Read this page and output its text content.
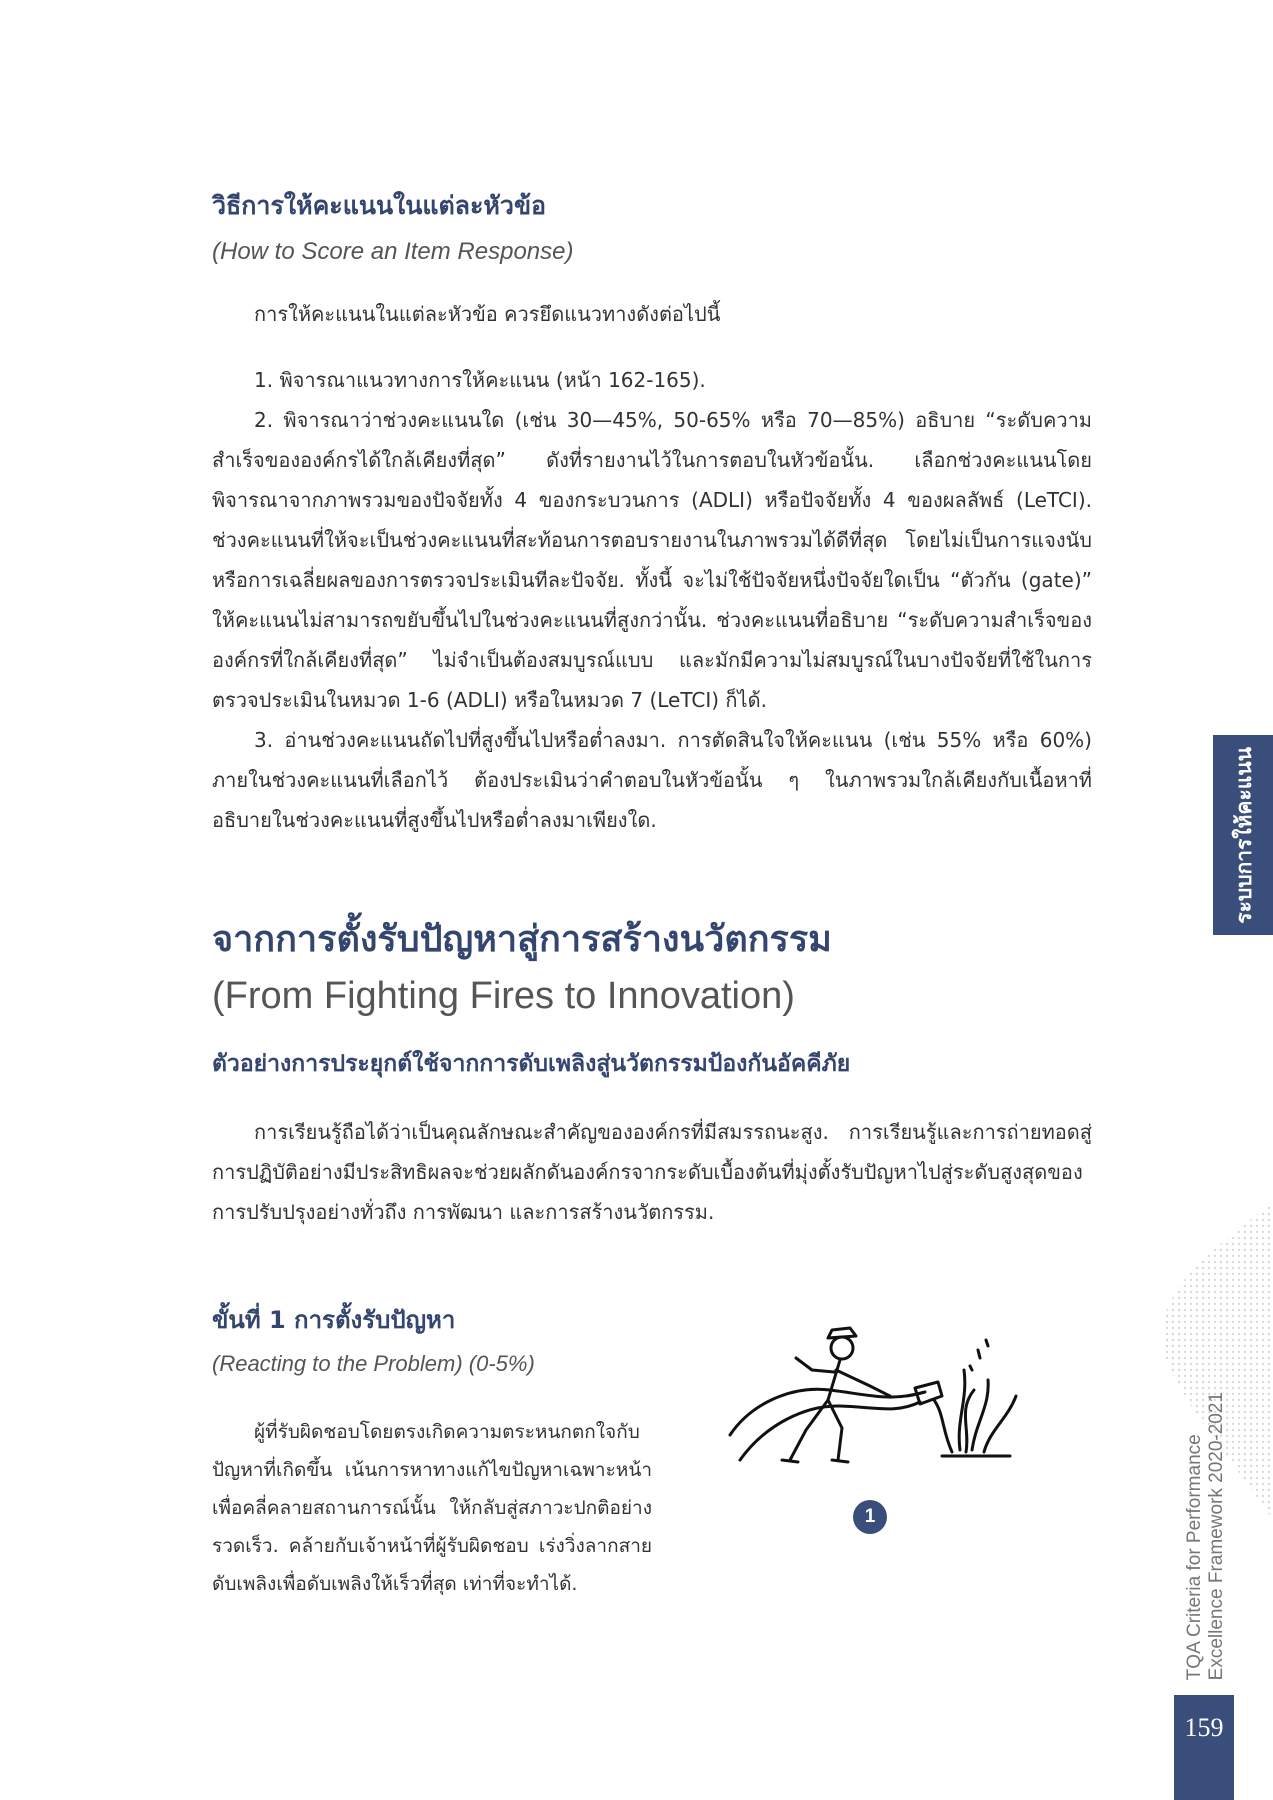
วิธีการให้คะแนนในแต่ละหัวข้อ

(How to Score an Item Response)

การให้คะแนนในแต่ละหัวข้อ ควรยึดแนวทางดังต่อไปนี้

1. พิจารณาแนวทางการให้คะแนน (หน้า 162-165).

2. พิจารณาว่าช่วงคะแนนใด (เช่น 30—45%, 50-65% หรือ 70—85%) อธิบาย “ระดับความสำเร็จขององค์กรได้ใกล้เคียงที่สุด” ดังที่รายงานไว้ในการตอบในหัวข้อนั้น. เลือกช่วงคะแนนโดยพิจารณาจากภาพรวมของปัจจัยทั้ง 4 ของกระบวนการ (ADLI) หรือปัจจัยทั้ง 4 ของผลลัพธ์ (LeTCI). ช่วงคะแนนที่ให้จะเป็นช่วงคะแนนที่สะท้อนการตอบรายงานในภาพรวมได้ดีที่สุด โดยไม่เป็นการแจงนับหรือการเฉลี่ยผลของการตรวจประเมินทีละปัจจัย. ทั้งนี้ จะไม่ใช้ปัจจัยหนึ่งปัจจัยใดเป็น “ตัวกัน (gate)” ให้คะแนนไม่สามารถขยับขึ้นไปในช่วงคะแนนที่สูงกว่านั้น. ช่วงคะแนนที่อธิบาย “ระดับความสำเร็จขององค์กรที่ใกล้เคียงที่สุด” ไม่จำเป็นต้องสมบูรณ์แบบ และมักมีความไม่สมบูรณ์ในบางปัจจัยที่ใช้ในการตรวจประเมินในหมวด 1-6 (ADLI) หรือในหมวด 7 (LeTCI) ก็ได้.

3. อ่านช่วงคะแนนถัดไปที่สูงขึ้นไปหรือต่ำลงมา. การตัดสินใจให้คะแนน (เช่น 55% หรือ 60%) ภายในช่วงคะแนนที่เลือกไว้ ต้องประเมินว่าคำตอบในหัวข้อนั้น ๆ ในภาพรวมใกล้เคียงกับเนื้อหาที่อธิบายในช่วงคะแนนที่สูงขึ้นไปหรือต่ำลงมาเพียงใด.

จากการตั้งรับปัญหาสู่การสร้างนวัตกรรม
(From Fighting Fires to Innovation)
ตัวอย่างการประยุกต์ใช้จากการดับเพลิงสู่นวัตกรรมป้องกันอัคคีภัย

การเรียนรู้ถือได้ว่าเป็นคุณลักษณะสำคัญขององค์กรที่มีสมรรถนะสูง. การเรียนรู้และการถ่ายทอดสู่การปฏิบัติอย่างมีประสิทธิผลจะช่วยผลักดันองค์กรจากระดับเบื้องต้นที่มุ่งตั้งรับปัญหาไปสู่ระดับสูงสุดของการปรับปรุงอย่างทั่วถึง การพัฒนา และการสร้างนวัตกรรม.

ขั้นที่ 1 การตั้งรับปัญหา

(Reacting to the Problem) (0-5%)

ผู้ที่รับผิดชอบโดยตรงเกิดความตระหนกตกใจกับปัญหาที่เกิดขึ้น เน้นการหาทางแก้ไขปัญหาเฉพาะหน้าเพื่อคลี่คลายสถานการณ์นั้น ให้กลับสู่สภาวะปกติอย่างรวดเร็ว. คล้ายกับเจ้าหน้าที่ผู้รับผิดชอบ เร่งวิ่งลากสายดับเพลิงเพื่อดับเพลิงให้เร็วที่สุด เท่าที่จะทำได้.

1
ระบบการให้คะแนน
TQA Criteria for Performance Excellence Framework 2020-2021
159
